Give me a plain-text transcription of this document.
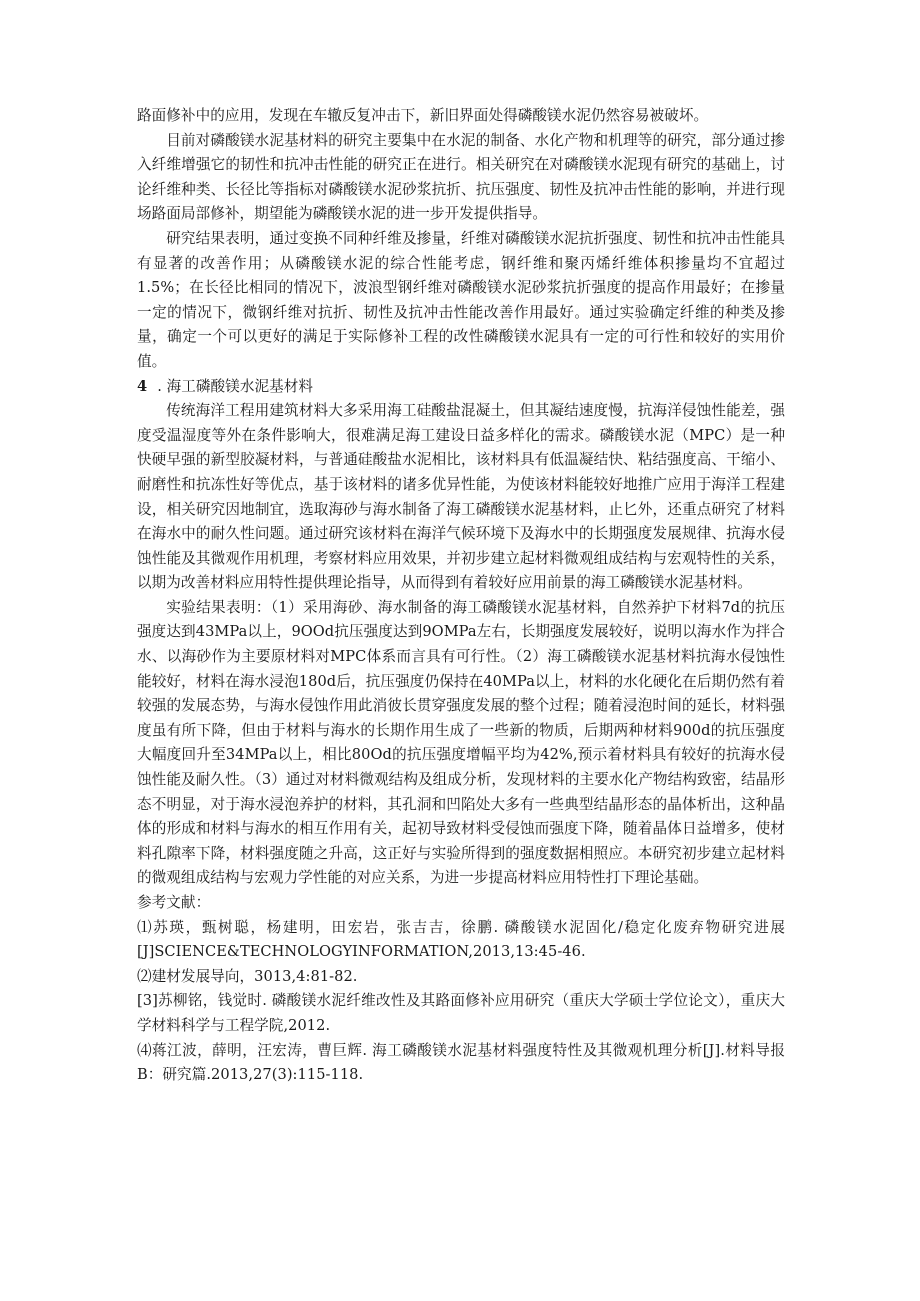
路面修补中的应用，发现在车辙反复冲击下，新旧界面处得磷酸镁水泥仍然容易被破坏。

目前对磷酸镁水泥基材料的研究主要集中在水泥的制备、水化产物和机理等的研究，部分通过掺入纤维增强它的韧性和抗冲击性能的研究正在进行。相关研究在对磷酸镁水泥现有研究的基础上，讨论纤维种类、长径比等指标对磷酸镁水泥砂浆抗折、抗压强度、韧性及抗冲击性能的影响，并进行现场路面局部修补，期望能为磷酸镁水泥的进一步开发提供指导。

研究结果表明，通过变换不同种纤维及掺量，纤维对磷酸镁水泥抗折强度、韧性和抗冲击性能具有显著的改善作用；从磷酸镁水泥的综合性能考虑，钢纤维和聚丙烯纤维体积掺量均不宜超过1.5%；在长径比相同的情况下，波浪型钢纤维对磷酸镁水泥砂浆抗折强度的提高作用最好；在掺量一定的情况下，微钢纤维对抗折、韧性及抗冲击性能改善作用最好。通过实验确定纤维的种类及掺量，确定一个可以更好的满足于实际修补工程的改性磷酸镁水泥具有一定的可行性和较好的实用价值。

4 . 海工磷酸镁水泥基材料

传统海洋工程用建筑材料大多采用海工硅酸盐混凝土，但其凝结速度慢，抗海洋侵蚀性能差，强度受温湿度等外在条件影响大，很难满足海工建设日益多样化的需求。磷酸镁水泥（MPC）是一种快硬早强的新型胶凝材料，与普通硅酸盐水泥相比，该材料具有低温凝结快、粘结强度高、干缩小、耐磨性和抗冻性好等优点，基于该材料的诸多优异性能，为使该材料能较好地推广应用于海洋工程建设，相关研究因地制宜，选取海砂与海水制备了海工磷酸镁水泥基材料，止匕外，还重点研究了材料在海水中的耐久性问题。通过研究该材料在海洋气候环境下及海水中的长期强度发展规律、抗海水侵蚀性能及其微观作用机理，考察材料应用效果，并初步建立起材料微观组成结构与宏观特性的关系，以期为改善材料应用特性提供理论指导，从而得到有着较好应用前景的海工磷酸镁水泥基材料。

实验结果表明：（1）采用海砂、海水制备的海工磷酸镁水泥基材料，自然养护下材料7d的抗压强度达到43MPa以上，9OOd抗压强度达到9OMPa左右，长期强度发展较好，说明以海水作为拌合水、以海砂作为主要原材料对MPC体系而言具有可行性。（2）海工磷酸镁水泥基材料抗海水侵蚀性能较好，材料在海水浸泡180d后，抗压强度仍保持在40MPa以上，材料的水化硬化在后期仍然有着较强的发展态势，与海水侵蚀作用此消彼长贯穿强度发展的整个过程；随着浸泡时间的延长，材料强度虽有所下降，但由于材料与海水的长期作用生成了一些新的物质，后期两种材料900d的抗压强度大幅度回升至34MPa以上，相比80Od的抗压强度增幅平均为42%,预示着材料具有较好的抗海水侵蚀性能及耐久性。（3）通过对材料微观结构及组成分析，发现材料的主要水化产物结构致密，结晶形态不明显，对于海水浸泡养护的材料，其孔洞和凹陷处大多有一些典型结晶形态的晶体析出，这种晶体的形成和材料与海水的相互作用有关，起初导致材料受侵蚀而强度下降，随着晶体日益增多，使材料孔隙率下降，材料强度随之升高，这正好与实验所得到的强度数据相照应。本研究初步建立起材料的微观组成结构与宏观力学性能的对应关系，为进一步提高材料应用特性打下理论基础。

参考文献：

⑴苏瑛，甄树聪，杨建明，田宏岩，张吉吉，徐鹏. 磷酸镁水泥固化/稳定化废弃物研究进展[J]SCIENCE&TECHNOLOGYINFORMATION,2013,13:45-46.

⑵建材发展导向，3013,4:81-82.

[3]苏柳铭，钱觉时. 磷酸镁水泥纤维改性及其路面修补应用研究（重庆大学硕士学位论文），重庆大学材料科学与工程学院,2012.

⑷蒋江波，薛明，汪宏涛，曹巨辉. 海工磷酸镁水泥基材料强度特性及其微观机理分析[J].材料导报B：研究篇.2013,27(3):115-118.
